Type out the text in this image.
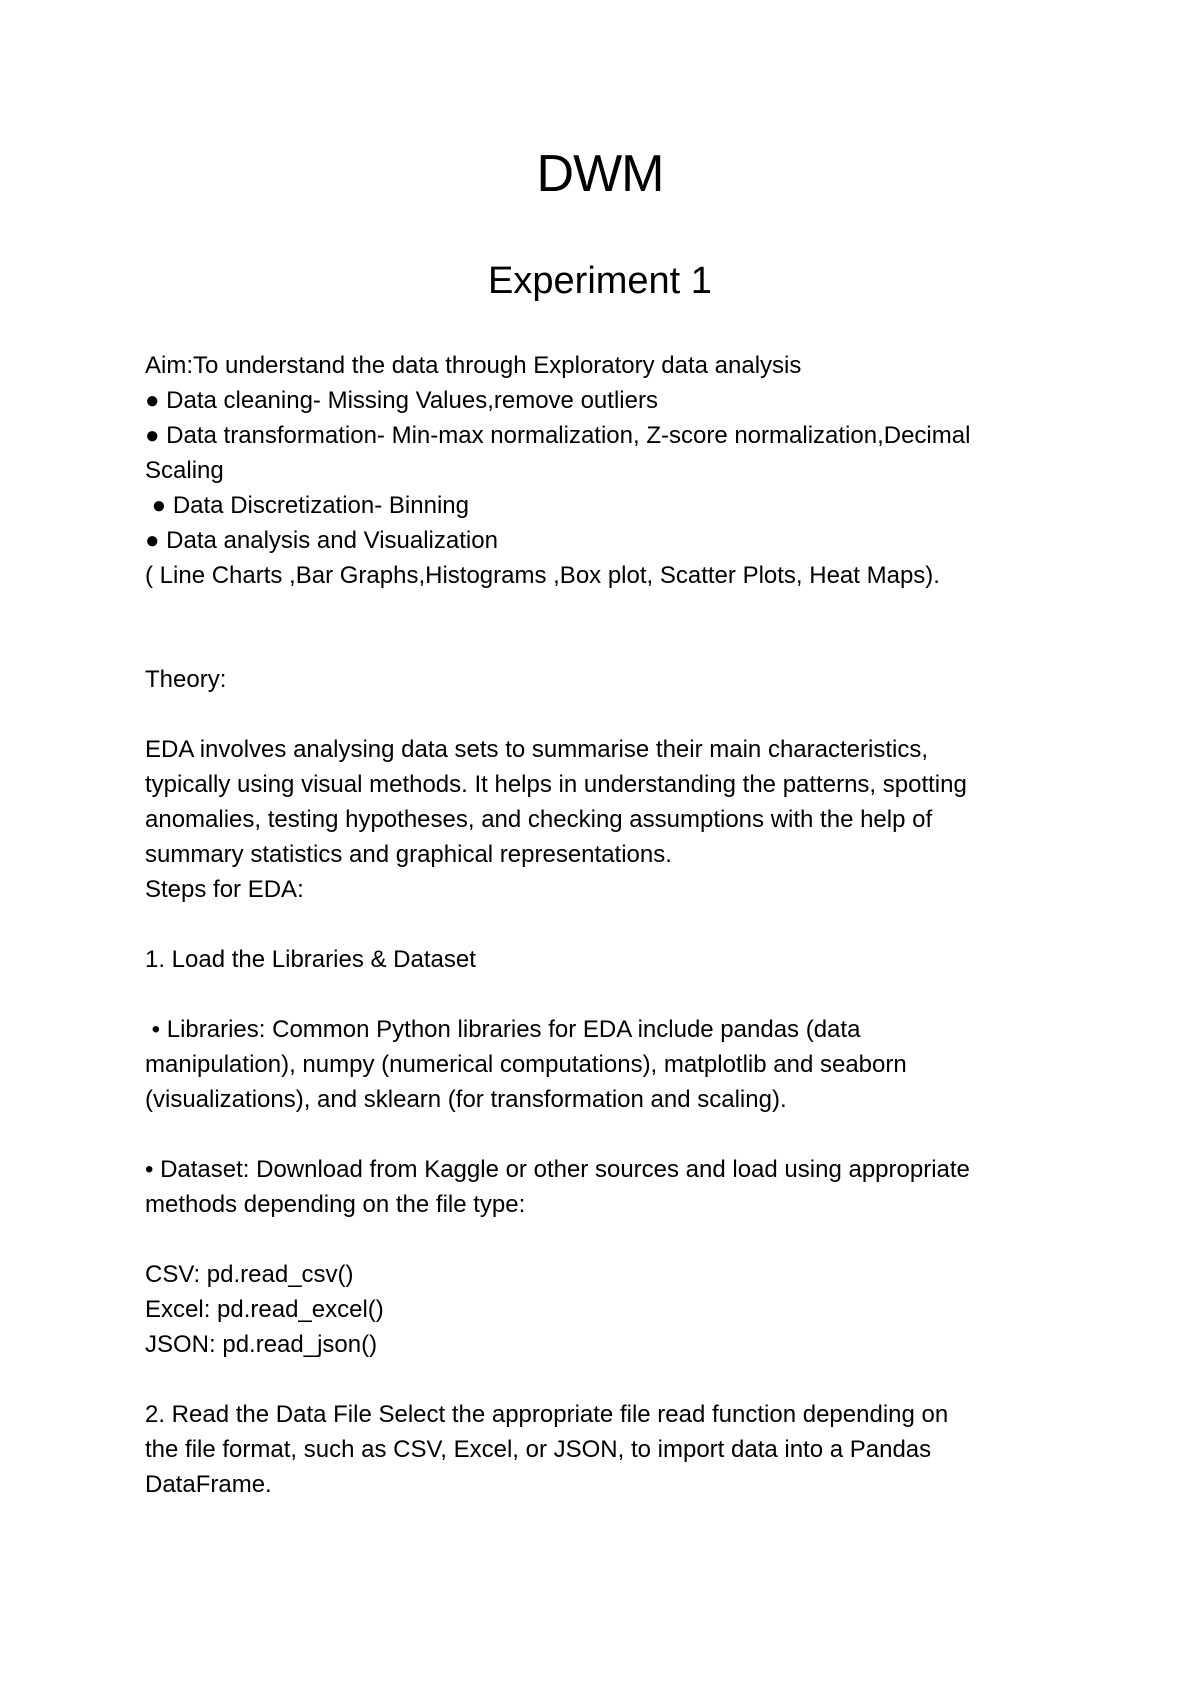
DWM
Experiment 1
Aim:To understand the data through Exploratory data analysis
● Data cleaning- Missing Values,remove outliers
● Data transformation- Min-max normalization, Z-score normalization,Decimal
Scaling
● Data Discretization- Binning
● Data analysis and Visualization
( Line Charts ,Bar Graphs,Histograms ,Box plot, Scatter Plots, Heat Maps).
Theory:
EDA involves analysing data sets to summarise their main characteristics,
typically using visual methods. It helps in understanding the patterns, spotting
anomalies, testing hypotheses, and checking assumptions with the help of
summary statistics and graphical representations.
Steps for EDA:
1. Load the Libraries & Dataset
• Libraries: Common Python libraries for EDA include pandas (data
manipulation), numpy (numerical computations), matplotlib and seaborn
(visualizations), and sklearn (for transformation and scaling).
• Dataset: Download from Kaggle or other sources and load using appropriate
methods depending on the file type:
CSV: pd.read_csv()
Excel: pd.read_excel()
JSON: pd.read_json()
2. Read the Data File Select the appropriate file read function depending on
the file format, such as CSV, Excel, or JSON, to import data into a Pandas
DataFrame.
